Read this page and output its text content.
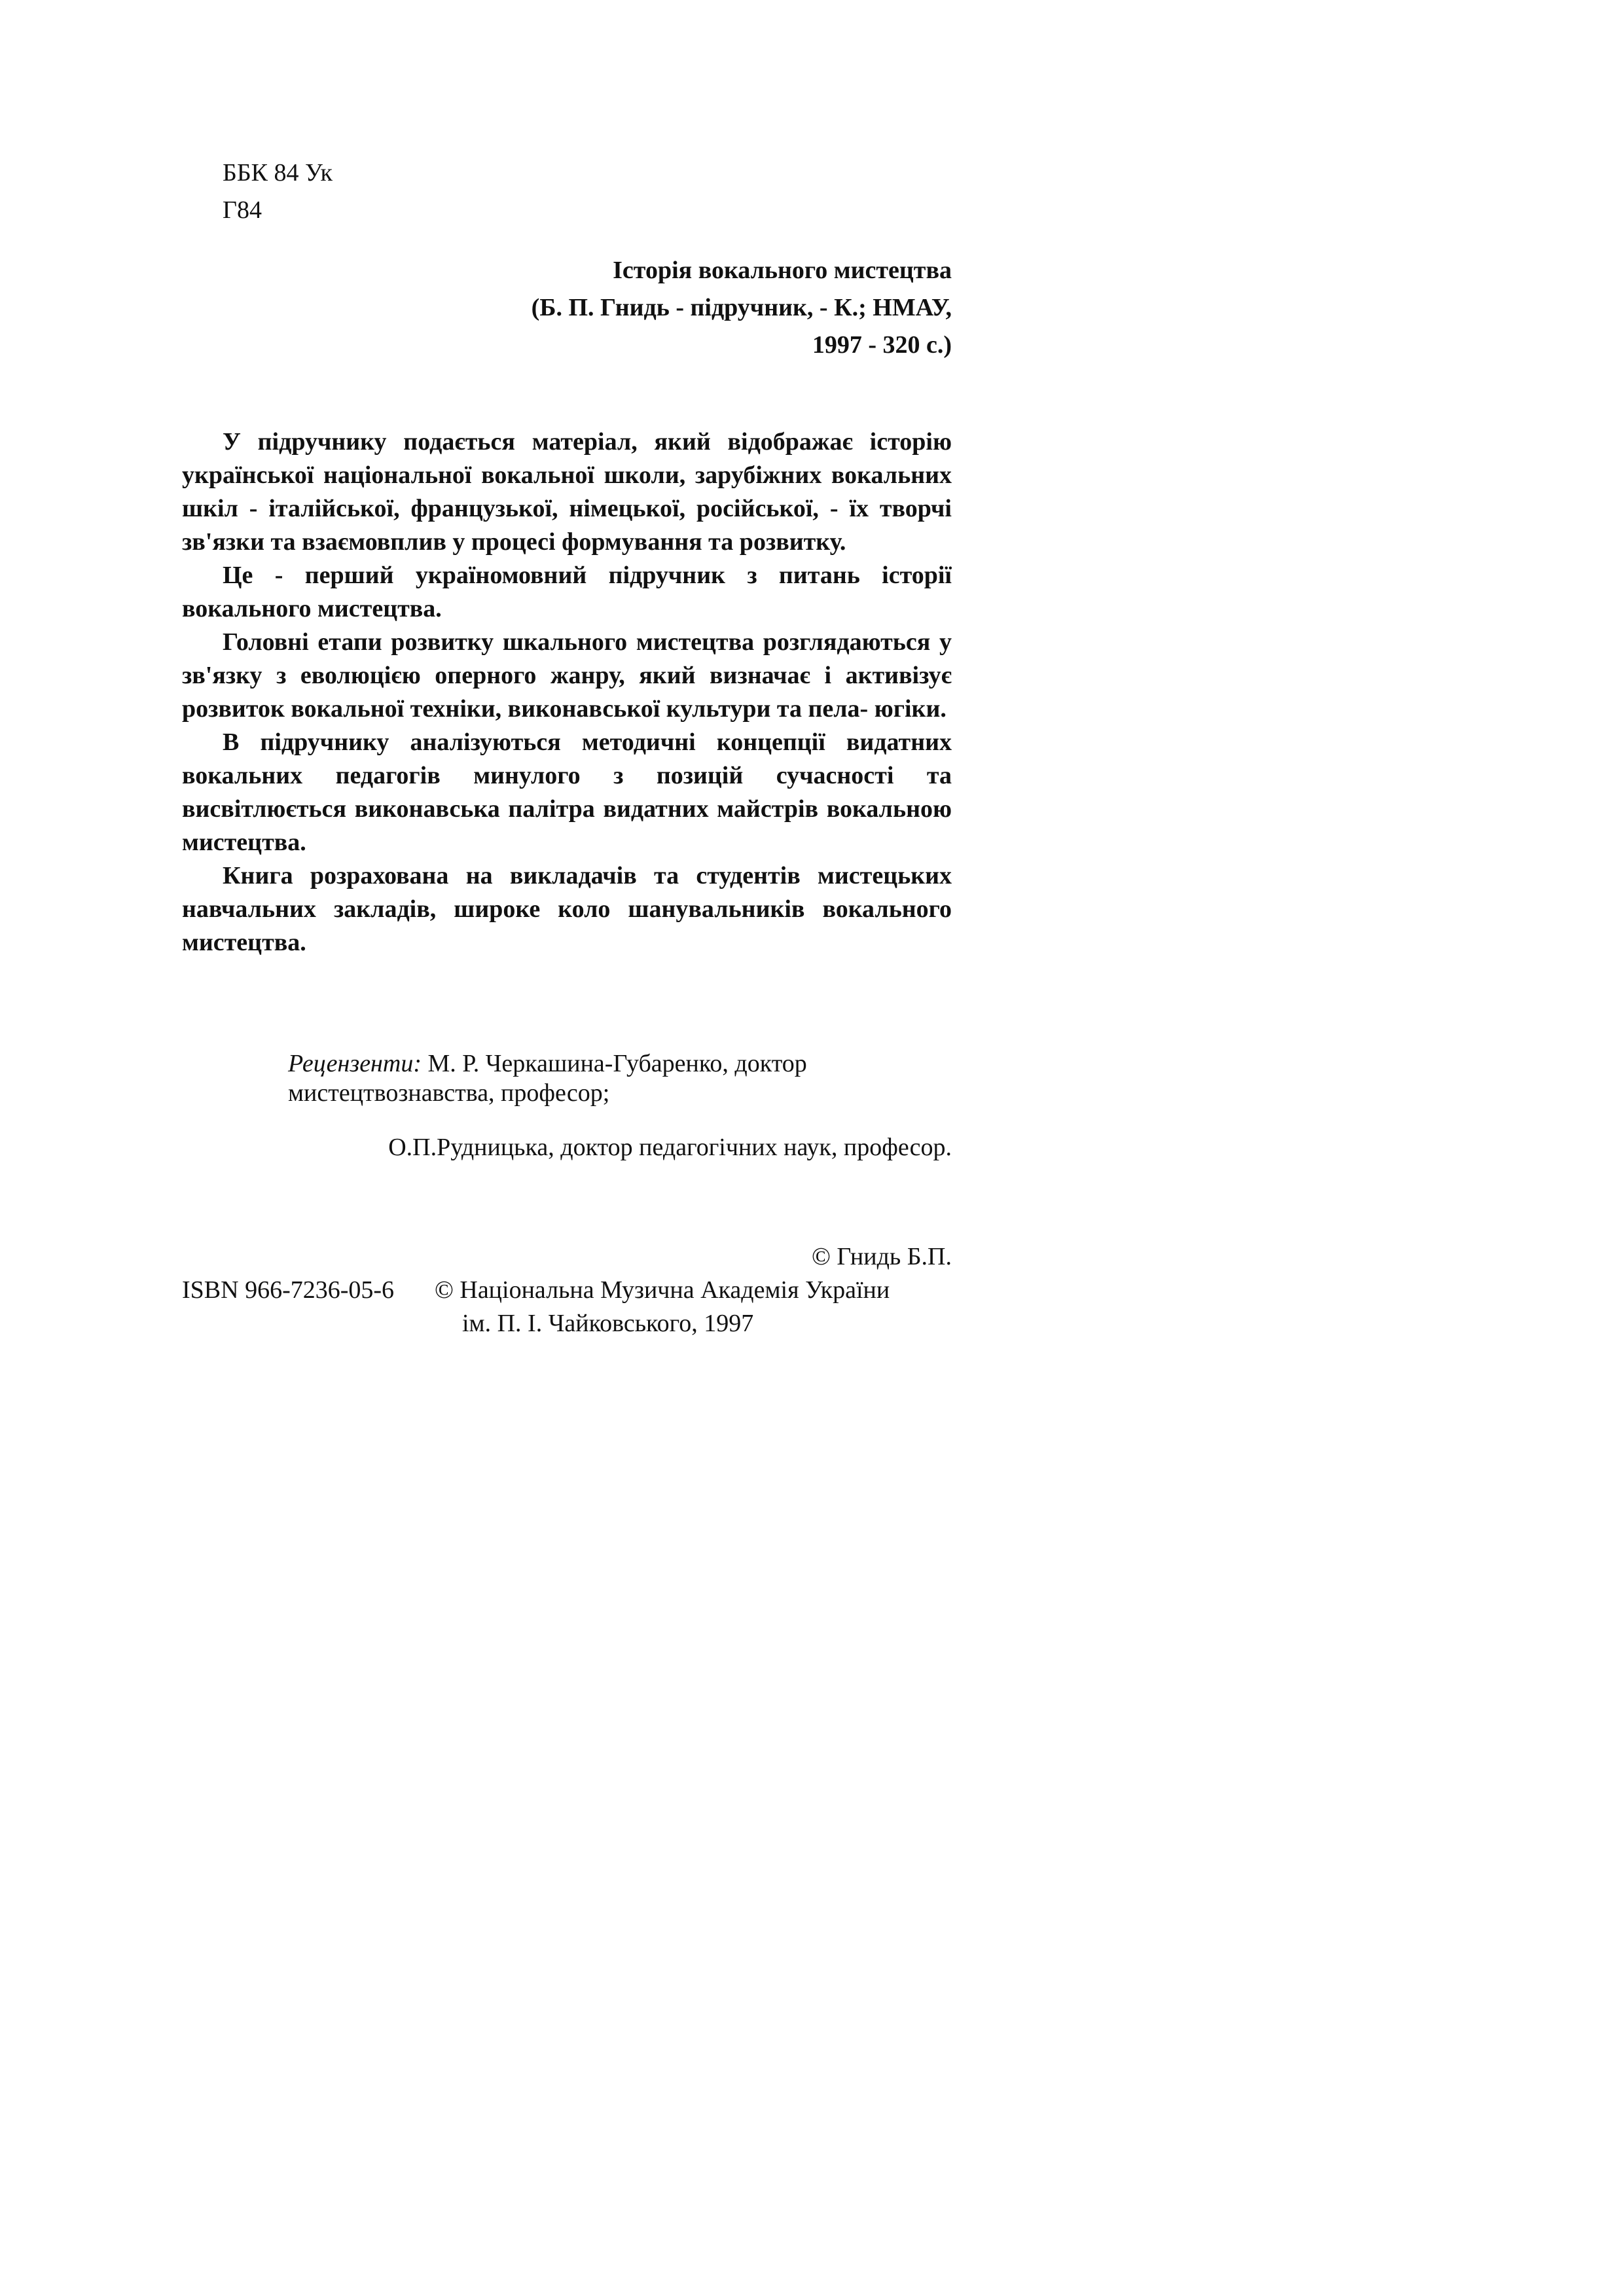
ББК 84 Ук
Г84
Історія вокального мистецтва
(Б. П. Гнидь - підручник, - К.; НМАУ,
1997 - 320 с.)

У підручнику подається матеріал, який відображає історію української національної вокальної школи, зарубіжних вокальних шкіл - італійської, французької, німецької, російської, - їх творчі зв'язки та взаємовплив у процесі формування та розвитку.

Це - перший україномовний підручник з питань історії вокального мистецтва.

Головні етапи розвитку шкального мистецтва розглядаються у зв'язку з еволюцією оперного жанру, який визначає і активізує розвиток вокальної техніки, виконавської культури та пела- югіки.

В підручнику аналізуються методичні концепції видатних вокальних педагогів минулого з позицій сучасності та висвітлюється виконавська палітра видатних майстрів вокальною мистецтва.

Книга розрахована на викладачів та студентів мистецьких навчальних закладів, широке коло шанувальників вокального мистецтва.

Рецензенти: М. Р. Черкашина-Губаренко, доктор мистецтвознавства, професор;

О.П.Рудницька, доктор педагогічних наук, професор.

© Гнидь Б.П.
ISBN 966-7236-05-6	© Національна Музична Академія України
ім. П. І. Чайковського, 1997
